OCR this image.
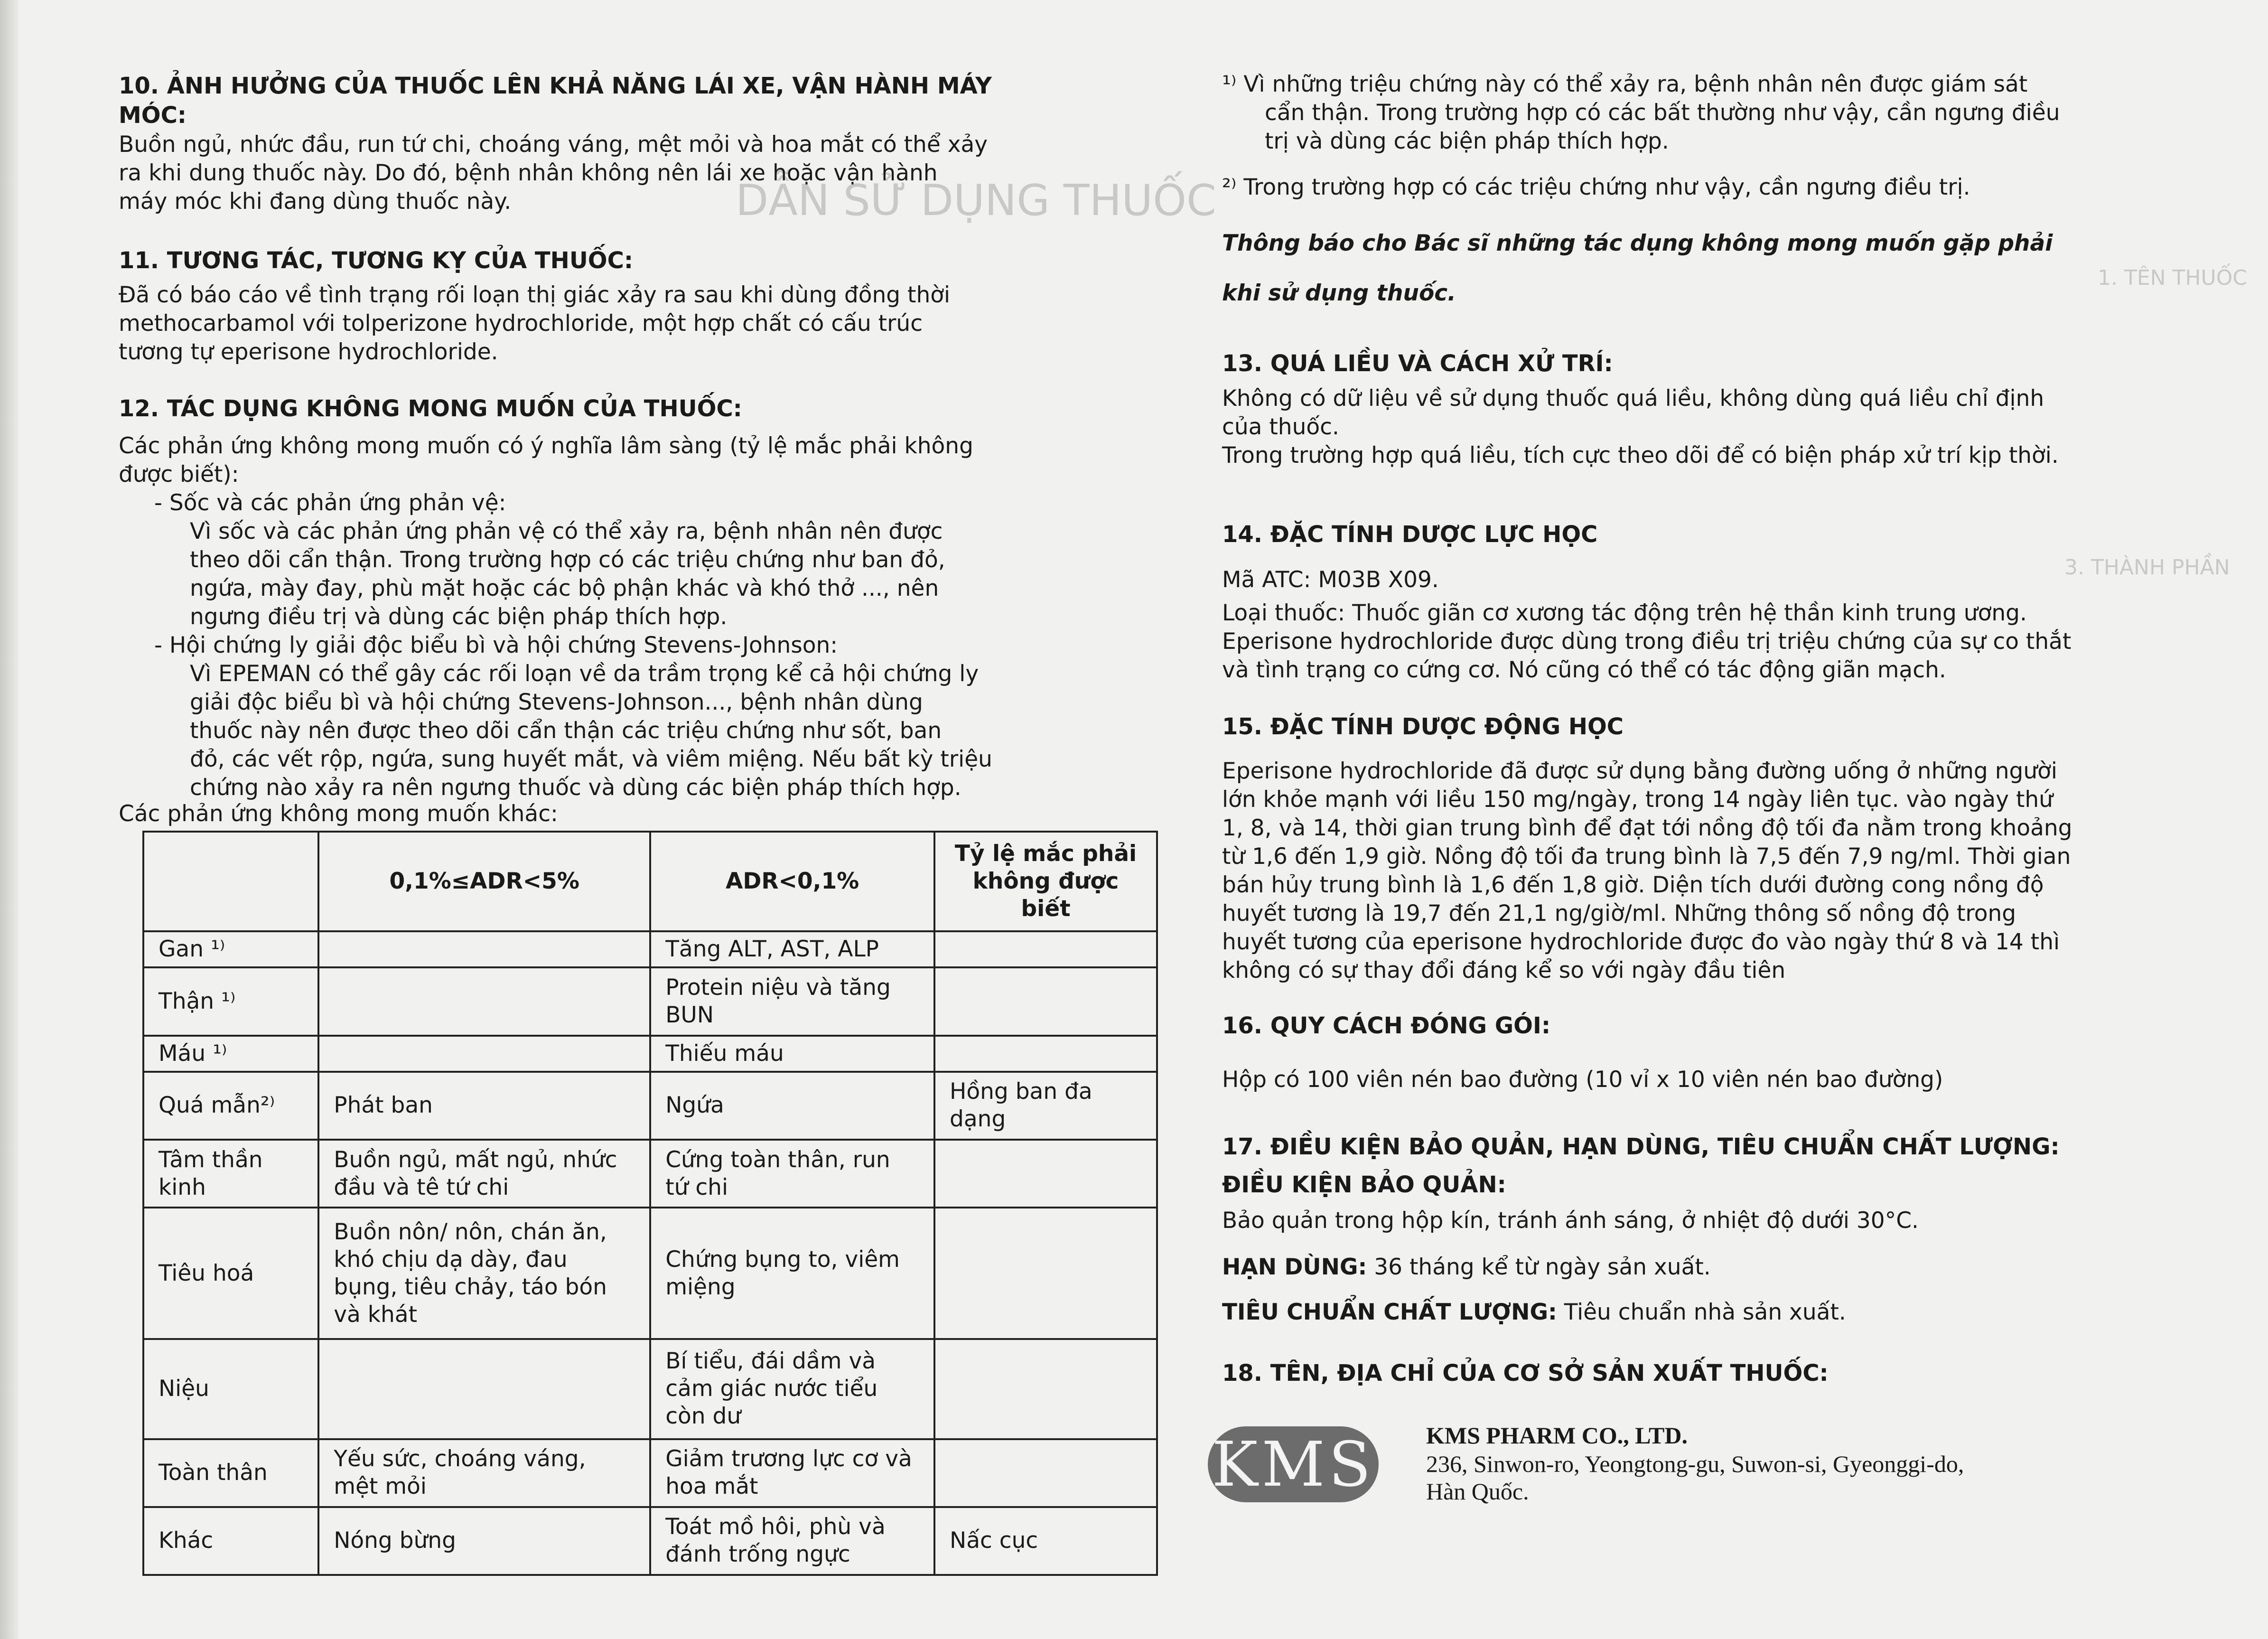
DẪN SỬ DỤNG THUỐC
1. TÊN THUỐC
3. THÀNH PHẦN
10. ẢNH HƯỞNG CỦA THUỐC LÊN KHẢ NĂNG LÁI XE, VẬN HÀNH MÁY
MÓC:
Buồn ngủ, nhức đầu, run tứ chi, choáng váng, mệt mỏi và hoa mắt có thể xảy
ra khi dung thuốc này. Do đó, bệnh nhân không nên lái xe hoặc vận hành
máy móc khi đang dùng thuốc này.
11. TƯƠNG TÁC, TƯƠNG KỴ CỦA THUỐC:
Đã có báo cáo về tình trạng rối loạn thị giác xảy ra sau khi dùng đồng thời
methocarbamol với tolperizone hydrochloride, một hợp chất có cấu trúc
tương tự eperisone hydrochloride.
12. TÁC DỤNG KHÔNG MONG MUỐN CỦA THUỐC:
Các phản ứng không mong muốn có ý nghĩa lâm sàng (tỷ lệ mắc phải không
được biết):
- Sốc và các phản ứng phản vệ:
Vì sốc và các phản ứng phản vệ có thể xảy ra, bệnh nhân nên được
theo dõi cẩn thận. Trong trường hợp có các triệu chứng như ban đỏ,
ngứa, mày đay, phù mặt hoặc các bộ phận khác và khó thở ..., nên
ngưng điều trị và dùng các biện pháp thích hợp.
- Hội chứng ly giải độc biểu bì và hội chứng Stevens-Johnson:
Vì EPEMAN có thể gây các rối loạn về da trầm trọng kể cả hội chứng ly
giải độc biểu bì và hội chứng Stevens-Johnson..., bệnh nhân dùng
thuốc này nên được theo dõi cẩn thận các triệu chứng như sốt, ban
đỏ, các vết rộp, ngứa, sung huyết mắt, và viêm miệng. Nếu bất kỳ triệu
chứng nào xảy ra nên ngưng thuốc và dùng các biện pháp thích hợp.
Các phản ứng không mong muốn khác:
	0,1%≤ADR<5%	ADR<0,1%	Tỷ lệ mắc phải không được biết
Gan ¹⁾		Tăng ALT, AST, ALP	
Thận ¹⁾		Protein niệu và tăng BUN	
Máu ¹⁾		Thiếu máu	
Quá mẫn²⁾	Phát ban	Ngứa	Hồng ban đa dạng
Tâm thần kinh	Buồn ngủ, mất ngủ, nhức đầu và tê tứ chi	Cứng toàn thân, run tứ chi	
Tiêu hoá	Buồn nôn/ nôn, chán ăn, khó chịu dạ dày, đau bụng, tiêu chảy, táo bón và khát	Chứng bụng to, viêm miệng	
Niệu		Bí tiểu, đái dầm và cảm giác nước tiểu còn dư	
Toàn thân	Yếu sức, choáng váng, mệt mỏi	Giảm trương lực cơ và hoa mắt	
Khác	Nóng bừng	Toát mồ hôi, phù và đánh trống ngực	Nấc cục
¹⁾ Vì những triệu chứng này có thể xảy ra, bệnh nhân nên được giám sát
cẩn thận. Trong trường hợp có các bất thường như vậy, cần ngưng điều
trị và dùng các biện pháp thích hợp.
²⁾ Trong trường hợp có các triệu chứng như vậy, cần ngưng điều trị.
Thông báo cho Bác sĩ những tác dụng không mong muốn gặp phải
khi sử dụng thuốc.
13. QUÁ LIỀU VÀ CÁCH XỬ TRÍ:
Không có dữ liệu về sử dụng thuốc quá liều, không dùng quá liều chỉ định
của thuốc.
Trong trường hợp quá liều, tích cực theo dõi để có biện pháp xử trí kịp thời.
14. ĐẶC TÍNH DƯỢC LỰC HỌC
Mã ATC: M03B X09.
Loại thuốc: Thuốc giãn cơ xương tác động trên hệ thần kinh trung ương.
Eperisone hydrochloride được dùng trong điều trị triệu chứng của sự co thắt
và tình trạng co cứng cơ. Nó cũng có thể có tác động giãn mạch.
15. ĐẶC TÍNH DƯỢC ĐỘNG HỌC
Eperisone hydrochloride đã được sử dụng bằng đường uống ở những người
lớn khỏe mạnh với liều 150 mg/ngày, trong 14 ngày liên tục. vào ngày thứ
1, 8, và 14, thời gian trung bình để đạt tới nồng độ tối đa nằm trong khoảng
từ 1,6 đến 1,9 giờ. Nồng độ tối đa trung bình là 7,5 đến 7,9 ng/ml. Thời gian
bán hủy trung bình là 1,6 đến 1,8 giờ. Diện tích dưới đường cong nồng độ
huyết tương là 19,7 đến 21,1 ng/giờ/ml. Những thông số nồng độ trong
huyết tương của eperisone hydrochloride được đo vào ngày thứ 8 và 14 thì
không có sự thay đổi đáng kể so với ngày đầu tiên
16. QUY CÁCH ĐÓNG GÓI:
Hộp có 100 viên nén bao đường (10 vỉ x 10 viên nén bao đường)
17. ĐIỀU KIỆN BẢO QUẢN, HẠN DÙNG, TIÊU CHUẨN CHẤT LƯỢNG:
ĐIỀU KIỆN BẢO QUẢN:
Bảo quản trong hộp kín, tránh ánh sáng, ở nhiệt độ dưới 30°C.
HẠN DÙNG: 36 tháng kể từ ngày sản xuất.
TIÊU CHUẨN CHẤT LƯỢNG: Tiêu chuẩn nhà sản xuất.
18. TÊN, ĐỊA CHỈ CỦA CƠ SỞ SẢN XUẤT THUỐC:
KMS KMS PHARM CO., LTD.
236, Sinwon-ro, Yeongtong-gu, Suwon-si, Gyeonggi-do,
Hàn Quốc.
